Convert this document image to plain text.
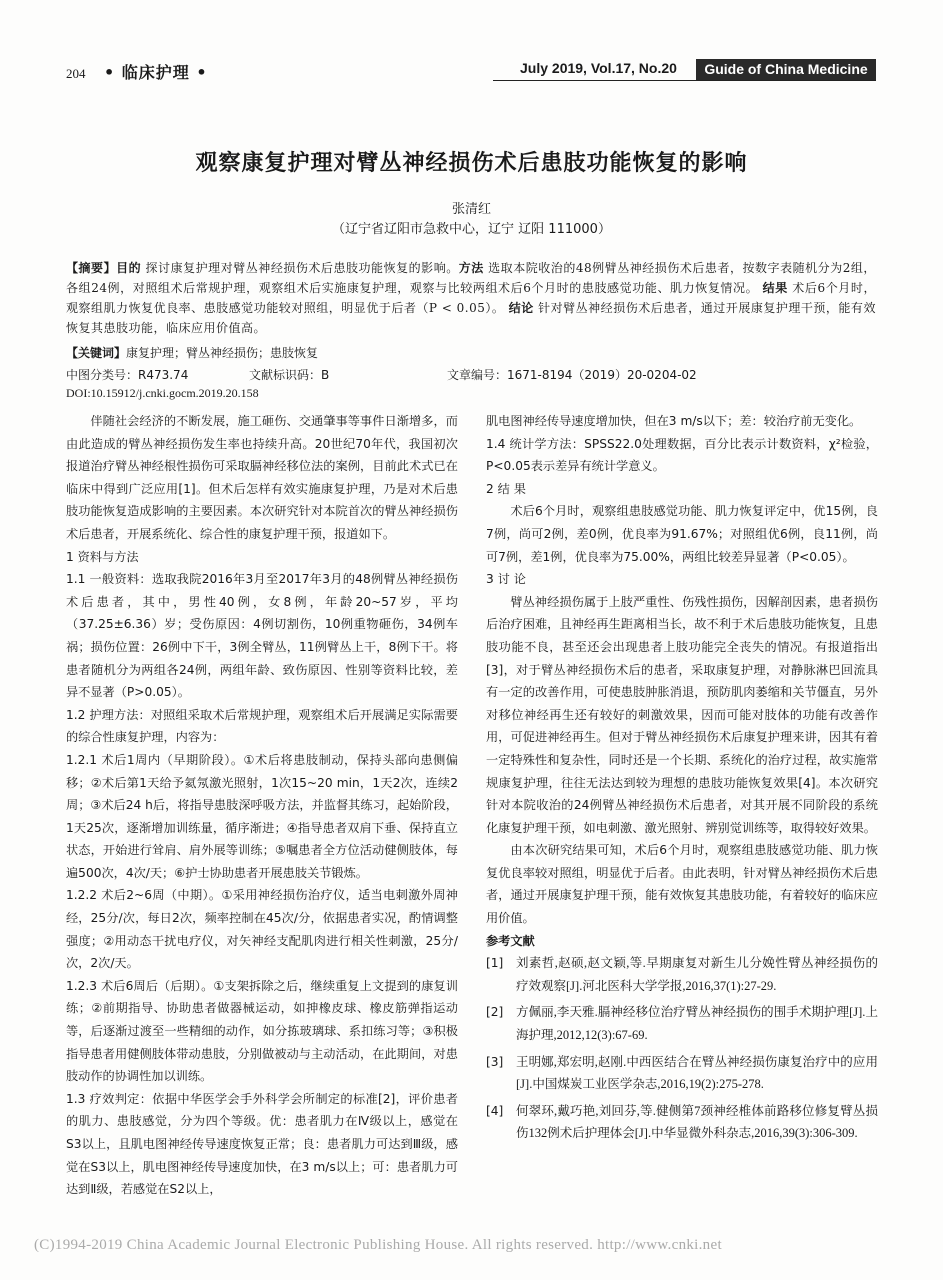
204 • 临床护理 •	July 2019, Vol.17, No.20	Guide of China Medicine
观察康复护理对臂丛神经损伤术后患肢功能恢复的影响
张清红
（辽宁省辽阳市急救中心，辽宁 辽阳 111000）
【摘要】目的 探讨康复护理对臂丛神经损伤术后患肢功能恢复的影响。方法 选取本院收治的48例臂丛神经损伤术后患者，按数字表随机分为2组，各组24例，对照组术后常规护理，观察组术后实施康复护理，观察与比较两组术后6个月时的患肢感觉功能、肌力恢复情况。 结果 术后6个月时，观察组肌力恢复优良率、患肢感觉功能较对照组，明显优于后者（P < 0.05）。 结论 针对臂丛神经损伤术后患者，通过开展康复护理干预，能有效恢复其患肢功能，临床应用价值高。
【关键词】康复护理；臂丛神经损伤；患肢恢复
中图分类号：R473.74	文献标识码：B	文章编号：1671-8194（2019）20-0204-02
DOI:10.15912/j.cnki.gocm.2019.20.158

伴随社会经济的不断发展，施工砸伤、交通肇事等事件日渐增多，而由此造成的臂丛神经损伤发生率也持续升高。20世纪70年代，我国初次报道治疗臂丛神经根性损伤可采取膈神经移位法的案例，目前此术式已在临床中得到广泛应用[1]。但术后怎样有效实施康复护理，乃是对术后患肢功能恢复造成影响的主要因素。本次研究针对本院首次的臂丛神经损伤术后患者，开展系统化、综合性的康复护理干预，报道如下。

1 资料与方法

1.1 一般资料：选取我院2016年3月至2017年3月的48例臂丛神经损伤术后患者，其中，男性40例，女8例，年龄20~57岁，平均（37.25±6.36）岁；受伤原因：4例切割伤，10例重物砸伤，34例车祸；损伤位置：26例中下干，3例全臂丛，11例臂丛上干，8例下干。将患者随机分为两组各24例，两组年龄、致伤原因、性别等资料比较，差异不显著（P>0.05）。

1.2 护理方法：对照组采取术后常规护理，观察组术后开展满足实际需要的综合性康复护理，内容为：

1.2.1 术后1周内（早期阶段）。①术后将患肢制动，保持头部向患侧偏移；②术后第1天给予氦氖激光照射，1次15~20 min，1天2次，连续2周；③术后24 h后，将指导患肢深呼吸方法，并监督其练习，起始阶段，1天25次，逐渐增加训练量，循序渐进；④指导患者双肩下垂、保持直立状态，开始进行耸肩、肩外展等训练；⑤嘱患者全方位活动健侧肢体，每遍500次，4次/天；⑥护士协助患者开展患肢关节锻炼。

1.2.2 术后2~6周（中期）。①采用神经损伤治疗仪，适当电刺激外周神经，25分/次，每日2次，频率控制在45次/分，依据患者实况，酌情调整强度；②用动态干扰电疗仪，对矢神经支配肌肉进行相关性刺激，25分/次，2次/天。

1.2.3 术后6周后（后期）。①支架拆除之后，继续重复上文提到的康复训练；②前期指导、协助患者做器械运动，如抻橡皮球、橡皮筋弹指运动等，后逐渐过渡至一些精细的动作，如分拣玻璃球、系扣练习等；③积极指导患者用健侧肢体带动患肢，分别做被动与主动活动，在此期间，对患肢动作的协调性加以训练。

1.3 疗效判定：依据中华医学会手外科学会所制定的标准[2]，评价患者的肌力、患肢感觉，分为四个等级。优：患者肌力在Ⅳ级以上，感觉在S3以上，且肌电图神经传导速度恢复正常；良：患者肌力可达到Ⅲ级，感觉在S3以上，肌电图神经传导速度加快，在3 m/s以上；可：患者肌力可达到Ⅱ级，若感觉在S2以上，

肌电图神经传导速度增加快，但在3 m/s以下；差：较治疗前无变化。

1.4 统计学方法：SPSS22.0处理数据，百分比表示计数资料，χ²检验，P<0.05表示差异有统计学意义。

2 结 果

术后6个月时，观察组患肢感觉功能、肌力恢复评定中，优15例，良7例，尚可2例，差0例，优良率为91.67%；对照组优6例，良11例，尚可7例，差1例，优良率为75.00%，两组比较差异显著（P<0.05）。

3 讨 论

臂丛神经损伤属于上肢严重性、伤残性损伤，因解剖因素，患者损伤后治疗困难，且神经再生距离相当长，故不利于术后患肢功能恢复，且患肢功能不良，甚至还会出现患者上肢功能完全丧失的情况。有报道指出[3]，对于臂丛神经损伤术后的患者，采取康复护理，对静脉淋巴回流具有一定的改善作用，可使患肢肿胀消退，预防肌肉萎缩和关节僵直，另外对移位神经再生还有较好的刺激效果，因而可能对肢体的功能有改善作用，可促进神经再生。但对于臂丛神经损伤术后康复护理来讲，因其有着一定特殊性和复杂性，同时还是一个长期、系统化的治疗过程，故实施常规康复护理，往往无法达到较为理想的患肢功能恢复效果[4]。本次研究针对本院收治的24例臂丛神经损伤术后患者，对其开展不同阶段的系统化康复护理干预，如电刺激、激光照射、辨别觉训练等，取得较好效果。

由本次研究结果可知，术后6个月时，观察组患肢感觉功能、肌力恢复优良率较对照组，明显优于后者。由此表明，针对臂丛神经损伤术后患者，通过开展康复护理干预，能有效恢复其患肢功能，有着较好的临床应用价值。

参考文献

[1]	刘素哲,赵硕,赵文颖,等.早期康复对新生儿分娩性臂丛神经损伤的疗效观察[J].河北医科大学学报,2016,37(1):27-29.
[2]	方佩丽,李天雅.膈神经移位治疗臂丛神经损伤的围手术期护理[J].上海护理,2012,12(3):67-69.
[3]	王明娜,郑宏明,赵刚.中西医结合在臂丛神经损伤康复治疗中的应用[J].中国煤炭工业医学杂志,2016,19(2):275-278.
[4]	何翠环,戴巧艳,刘回芬,等.健侧第7颈神经椎体前路移位修复臂丛损伤132例术后护理体会[J].中华显微外科杂志,2016,39(3):306-309.
(C)1994-2019 China Academic Journal Electronic Publishing House. All rights reserved. http://www.cnki.net
